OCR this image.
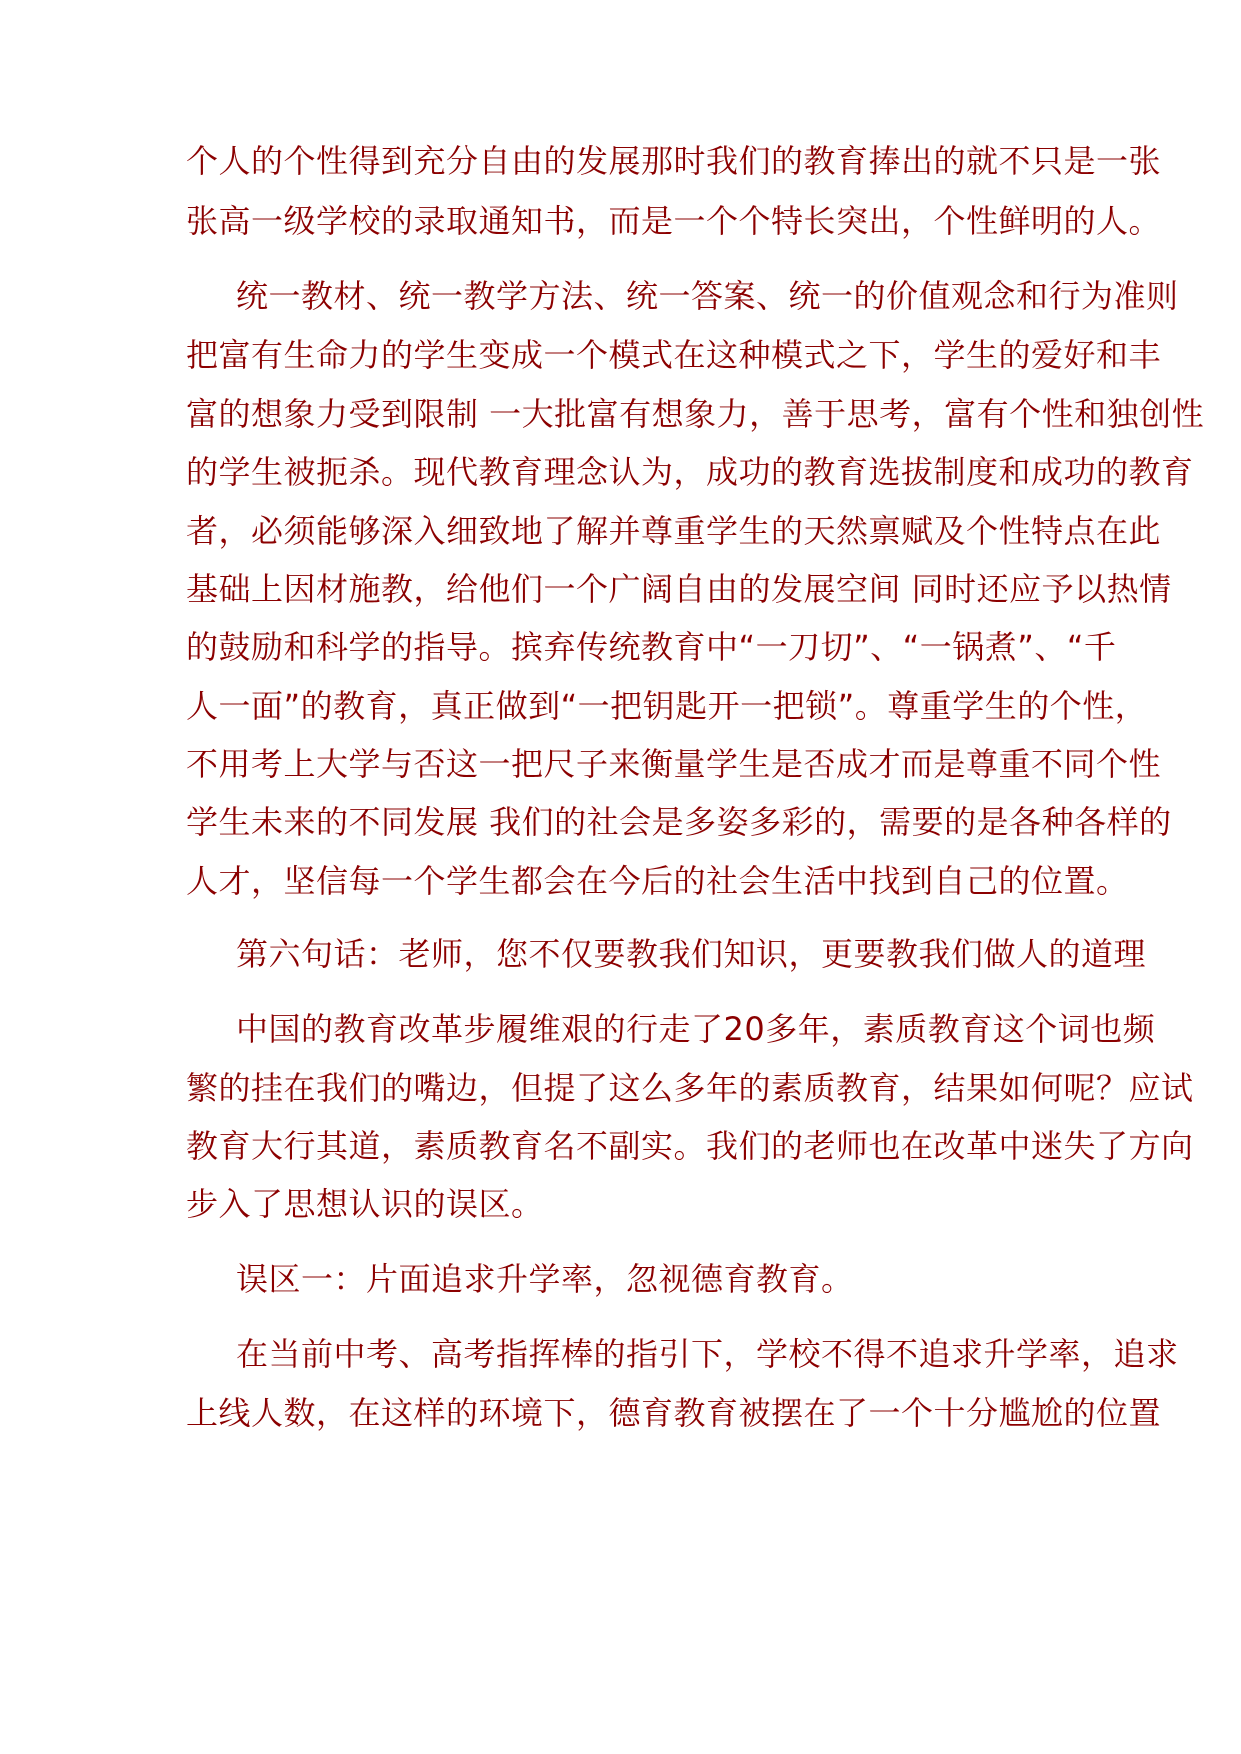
个人的个性得到充分自由的发展那时我们的教育捧出的就不只是一张
张高一级学校的录取通知书，而是一个个特长突出，个性鲜明的人。
统一教材、统一教学方法、统一答案、统一的价值观念和行为准则
把富有生命力的学生变成一个模式在这种模式之下，学生的爱好和丰
富的想象力受到限制 一大批富有想象力，善于思考，富有个性和独创性
的学生被扼杀。现代教育理念认为，成功的教育选拔制度和成功的教育
者，必须能够深入细致地了解并尊重学生的天然禀赋及个性特点在此
基础上因材施教，给他们一个广阔自由的发展空间 同时还应予以热情
的鼓励和科学的指导。摈弃传统教育中“一刀切”、“一锅煮”、“千
人一面”的教育，真正做到“一把钥匙开一把锁”。尊重学生的个性，
不用考上大学与否这一把尺子来衡量学生是否成才而是尊重不同个性
学生未来的不同发展 我们的社会是多姿多彩的，需要的是各种各样的
人才，坚信每一个学生都会在今后的社会生活中找到自己的位置。
第六句话：老师，您不仅要教我们知识，更要教我们做人的道理
中国的教育改革步履维艰的行走了20多年，素质教育这个词也频
繁的挂在我们的嘴边，但提了这么多年的素质教育，结果如何呢？应试
教育大行其道，素质教育名不副实。我们的老师也在改革中迷失了方向
步入了思想认识的误区。
误区一：片面追求升学率，忽视德育教育。
在当前中考、高考指挥棒的指引下，学校不得不追求升学率，追求
上线人数，在这样的环境下，德育教育被摆在了一个十分尴尬的位置
